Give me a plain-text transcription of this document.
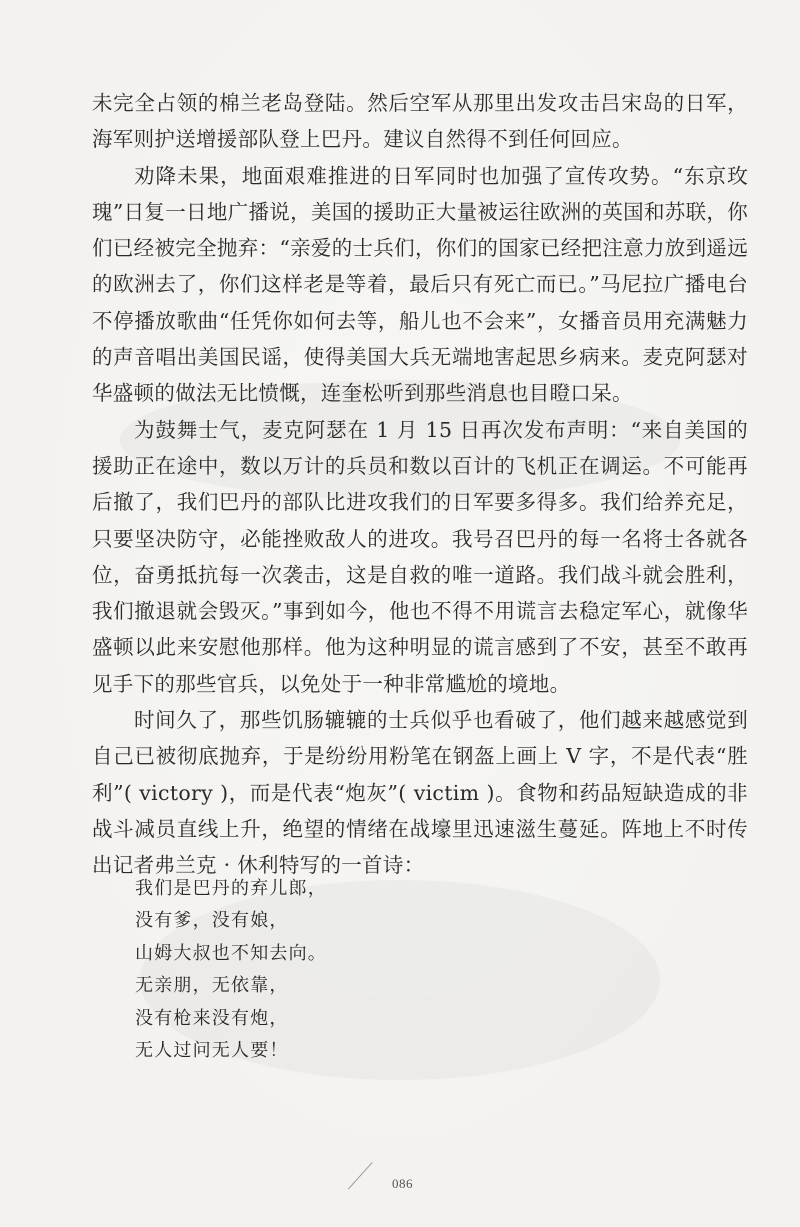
未完全占领的棉兰老岛登陆。然后空军从那里出发攻击吕宋岛的日军，海军则护送增援部队登上巴丹。建议自然得不到任何回应。

劝降未果，地面艰难推进的日军同时也加强了宣传攻势。“东京玫瑰”日复一日地广播说，美国的援助正大量被运往欧洲的英国和苏联，你们已经被完全抛弃：“亲爱的士兵们，你们的国家已经把注意力放到遥远的欧洲去了，你们这样老是等着，最后只有死亡而已。”马尼拉广播电台不停播放歌曲“任凭你如何去等，船儿也不会来”，女播音员用充满魅力的声音唱出美国民谣，使得美国大兵无端地害起思乡病来。麦克阿瑟对华盛顿的做法无比愤慨，连奎松听到那些消息也目瞪口呆。

为鼓舞士气，麦克阿瑟在 1 月 15 日再次发布声明：“来自美国的援助正在途中，数以万计的兵员和数以百计的飞机正在调运。不可能再后撤了，我们巴丹的部队比进攻我们的日军要多得多。我们给养充足，只要坚决防守，必能挫败敌人的进攻。我号召巴丹的每一名将士各就各位，奋勇抵抗每一次袭击，这是自救的唯一道路。我们战斗就会胜利，我们撤退就会毁灭。”事到如今，他也不得不用谎言去稳定军心，就像华盛顿以此来安慰他那样。他为这种明显的谎言感到了不安，甚至不敢再见手下的那些官兵，以免处于一种非常尴尬的境地。

时间久了，那些饥肠辘辘的士兵似乎也看破了，他们越来越感觉到自己已被彻底抛弃，于是纷纷用粉笔在钢盔上画上 V 字，不是代表“胜利”( victory )，而是代表“炮灰”( victim )。食物和药品短缺造成的非战斗减员直线上升，绝望的情绪在战壕里迅速滋生蔓延。阵地上不时传出记者弗兰克 · 休利特写的一首诗：

我们是巴丹的弃儿郎，
没有爹，没有娘，
山姆大叔也不知去向。
无亲朋，无依靠，
没有枪来没有炮，
无人过问无人要！
086
